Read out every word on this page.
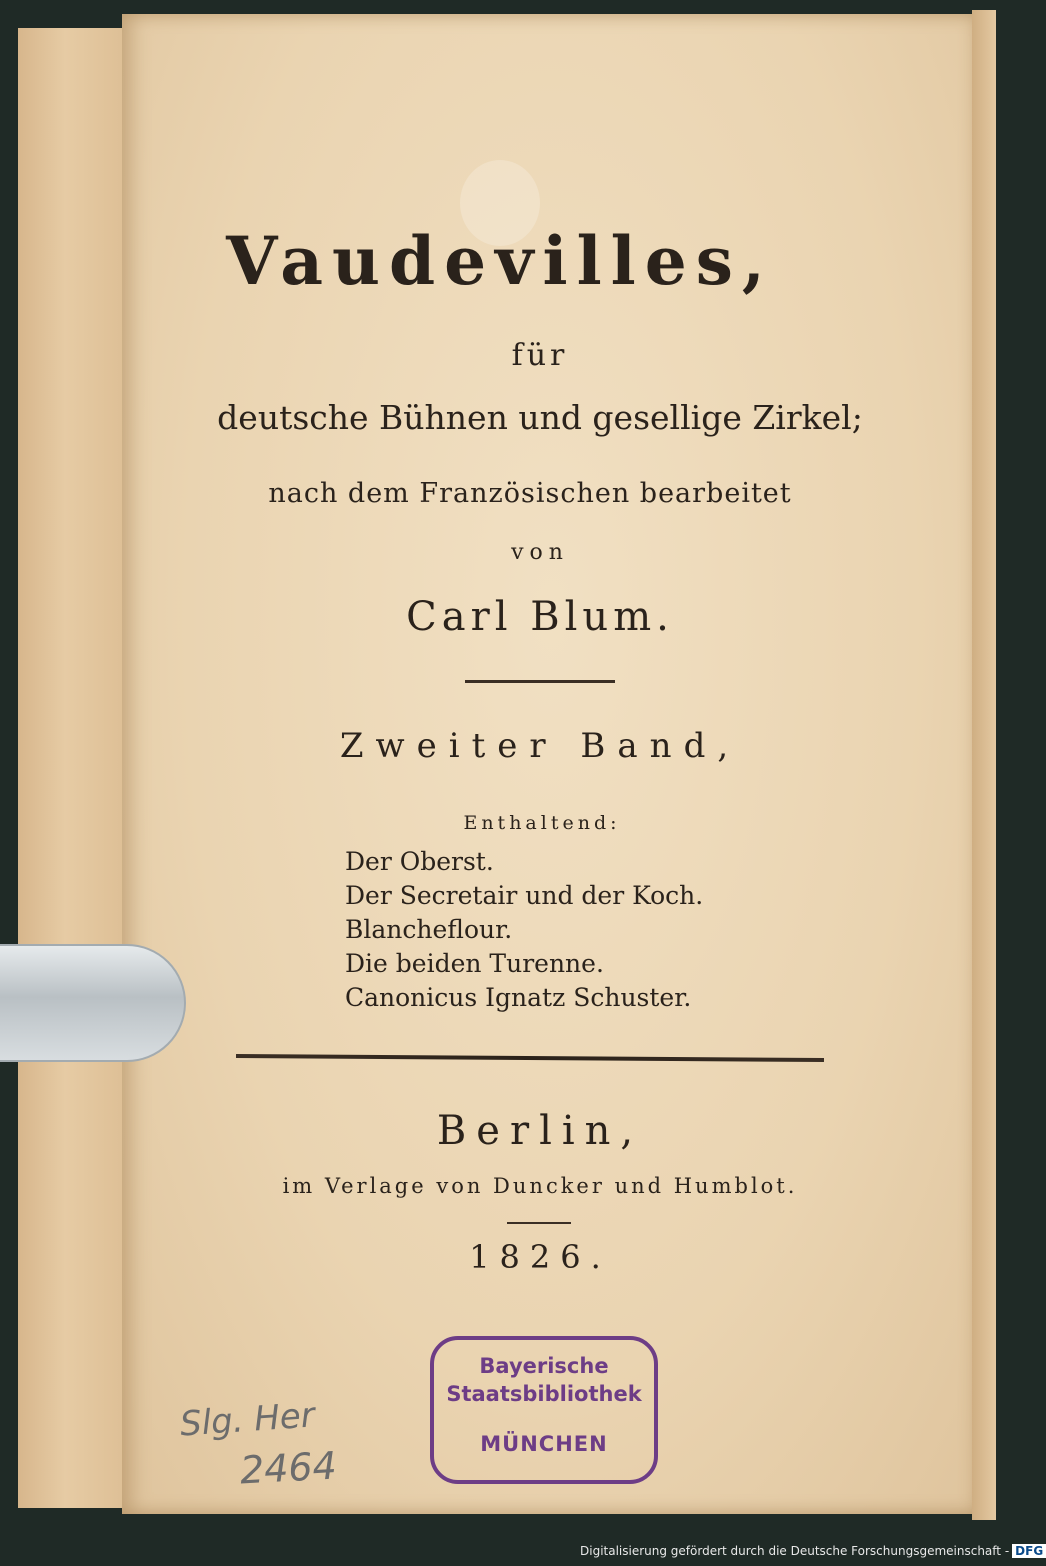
Vaudevilles,
für
deutsche Bühnen und gesellige Zirkel;
nach dem Französischen bearbeitet
von
Carl Blum.
Zweiter Band,
Enthaltend:
Der Oberst.
Der Secretair und der Koch.
Blancheflour.
Die beiden Turenne.
Canonicus Ignatz Schuster.
Berlin,
im Verlage von Duncker und Humblot.
1826.
Bayerische
Staatsbibliothek
MÜNCHEN
Slg. Her
2464
Digitalisierung gefördert durch die Deutsche Forschungsgemeinschaft - DFG
